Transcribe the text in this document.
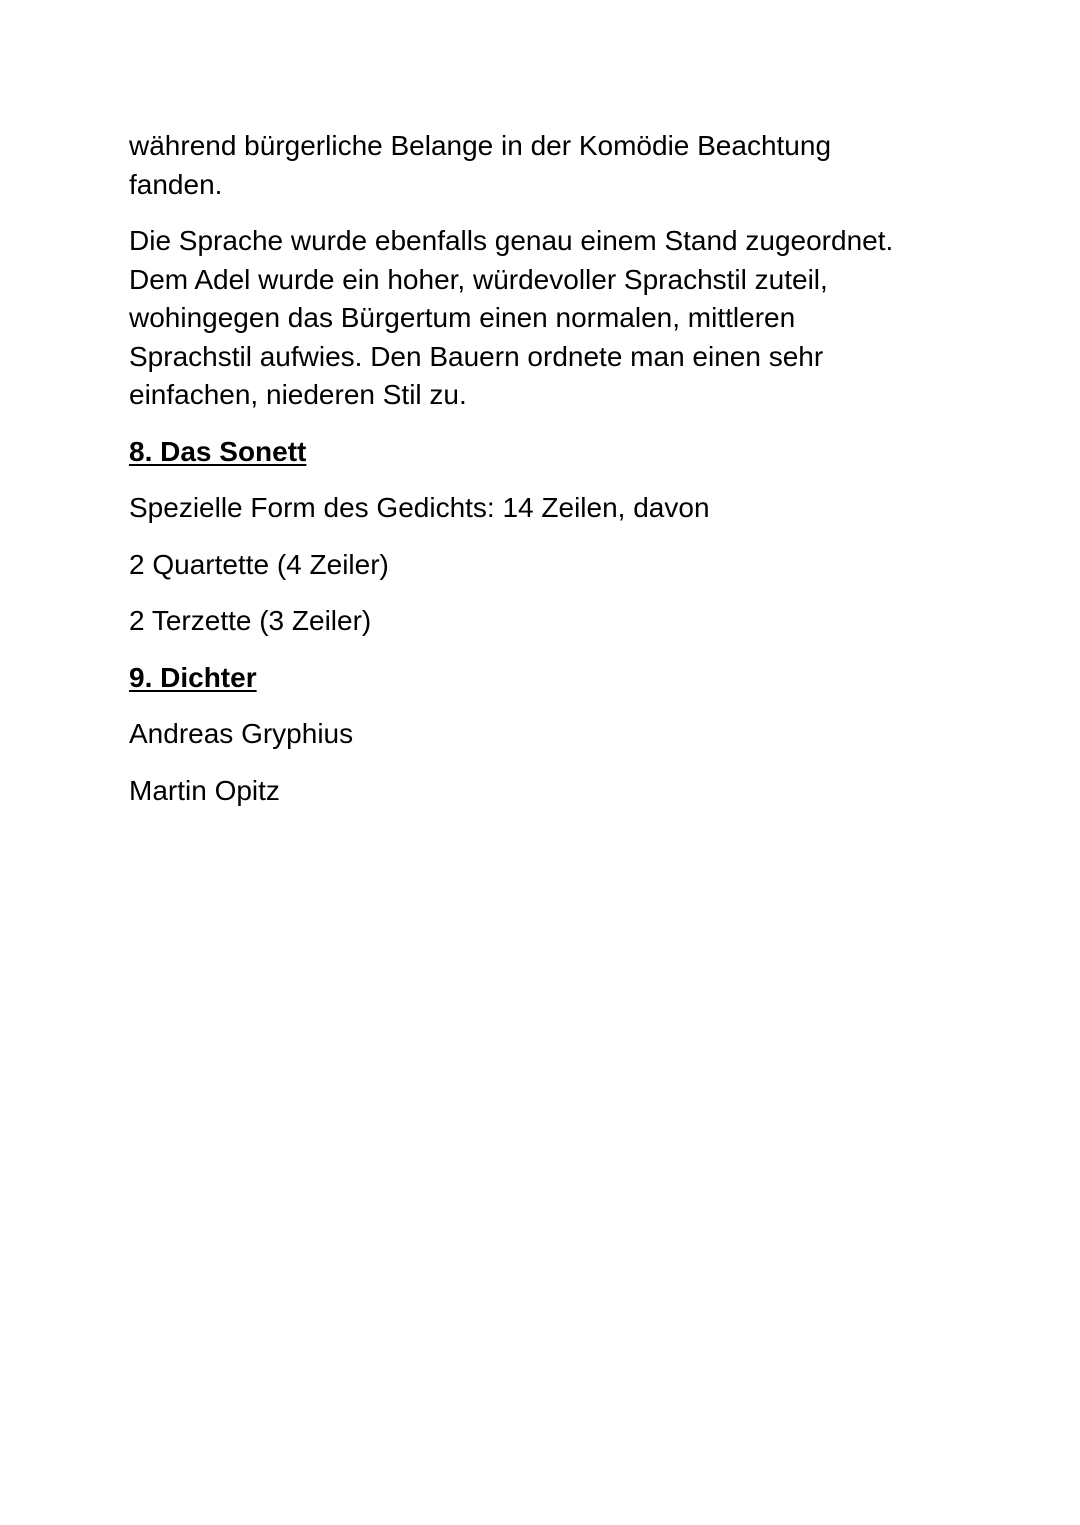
während bürgerliche Belange in der Komödie Beachtung
fanden.

Die Sprache wurde ebenfalls genau einem Stand zugeordnet.
Dem Adel wurde ein hoher, würdevoller Sprachstil zuteil,
wohingegen das Bürgertum einen normalen, mittleren
Sprachstil aufwies. Den Bauern ordnete man einen sehr
einfachen, niederen Stil zu.

8. Das Sonett

Spezielle Form des Gedichts: 14 Zeilen, davon

2 Quartette (4 Zeiler)

2 Terzette (3 Zeiler)

9. Dichter

Andreas Gryphius

Martin Opitz
